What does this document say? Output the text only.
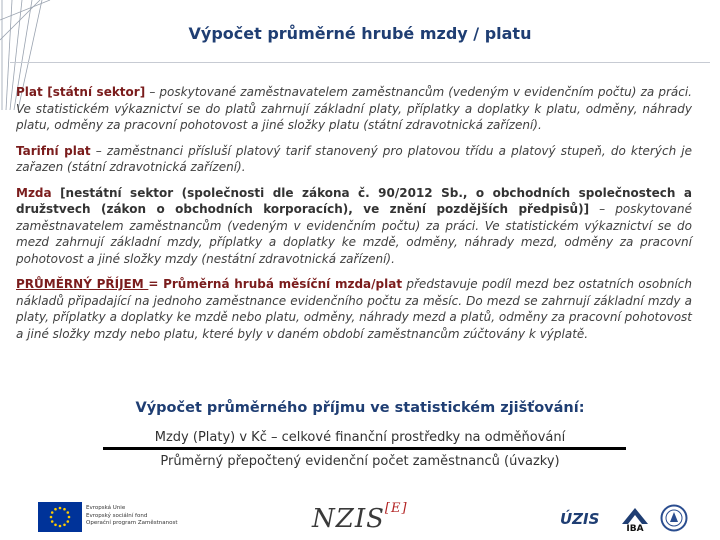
Výpočet průměrné hrubé mzdy / platu

Plat [státní sektor] – poskytované zaměstnavatelem zaměstnancům (vedeným v evidenčním počtu) za práci. Ve statistickém výkaznictví se do platů zahrnují základní platy, příplatky a doplatky k platu, odměny, náhrady platu, odměny za pracovní pohotovost a jiné složky platu (státní zdravotnická zařízení).

Tarifní plat – zaměstnanci přísluší platový tarif stanovený pro platovou třídu a platový stupeň, do kterých je zařazen (státní zdravotnická zařízení).

Mzda [nestátní sektor (společnosti dle zákona č. 90/2012 Sb., o obchodních společnostech a družstvech (zákon o obchodních korporacích), ve znění pozdějších předpisů)] – poskytované zaměstnavatelem zaměstnancům (vedeným v evidenčním počtu) za práci. Ve statistickém výkaznictví se do mezd zahrnují základní mzdy, příplatky a doplatky ke mzdě, odměny, náhrady mezd, odměny za pracovní pohotovost a jiné složky mzdy (nestátní zdravotnická zařízení).

PRŮMĚRNÝ PŘÍJEM = Průměrná hrubá měsíční mzda/plat představuje podíl mezd bez ostatních osobních nákladů připadající na jednoho zaměstnance evidenčního počtu za měsíc. Do mezd se zahrnují základní mzdy a platy, příplatky a doplatky ke mzdě nebo platu, odměny, náhrady mezd a platů, odměny za pracovní pohotovost a jiné složky mzdy nebo platu, které byly v daném období zaměstnancům zúčtovány k výplatě.

Výpočet průměrného příjmu ve statistickém zjišťování:
Mzdy (Platy) v Kč – celkové finanční prostředky na odměňování
Průměrný přepočtený evidenční počet zaměstnanců (úvazky)
Evropská Unie
Evropský sociální fond
Operační program Zaměstnanost	NZIS[E]
ÚZIS
IBA
